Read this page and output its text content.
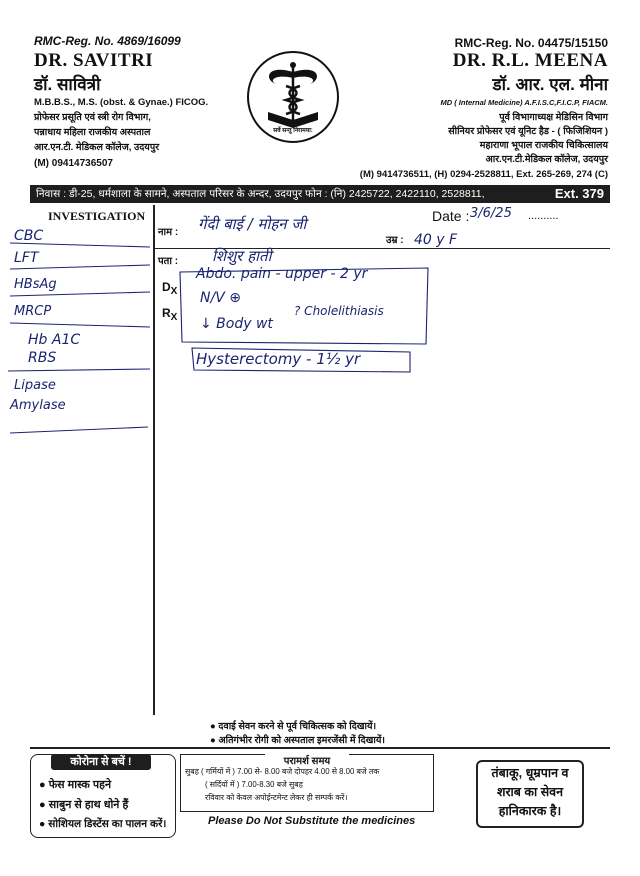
RMC-Reg. No. 4869/16099
DR. SAVITRI
डॉ. सावित्री
M.B.B.S., M.S. (obst. & Gynae.) FICOG.
प्रोफेसर प्रसूति एवं स्त्री रोग विभाग,
पन्नाधाय महिला राजकीय अस्पताल
आर.एन.टी. मेडिकल कॉलेज, उदयपुर
(M) 09414736507
सर्वे सन्तु निरामया:
RMC-Reg. No. 04475/15150
DR. R.L. MEENA
डॉ. आर. एल. मीना
MD ( Internal Medicine) A.F.I.S.C,F.I.C.P, FIACM.
पूर्व विभागाध्यक्ष मेडिसिन विभाग
सीनियर प्रोफेसर एवं यूनिट हैड - ( फिजिशियन )
महाराणा भूपाल राजकीय चिकित्सालय
आर.एन.टी.मेडिकल कॉलेज, उदयपुर
(M) 9414736511, (H) 0294-2528811, Ext. 265-269, 274 (C)
निवास : डी-25, धर्मशाला के सामने, अस्पताल परिसर के अन्दर, उदयपुर फोन : (नि) 2425722, 2422110, 2528811,	Ext. 379
INVESTIGATION
नाम :
पता :
Date :	..........
उम्र :
$D_X$
$R_X$
गेंदी बाई / मोहन जी
शिशुर हाती
3/6/25
40 y F
CBC
LFT
HBsAg
MRCP
Hb A1C
RBS
Lipase
Amylase
Abdo. pain - upper - 2 yr
N/V ⊕
↓ Body wt
? Cholelithiasis
Hysterectomy - 1½ yr
● दवाई सेवन करने से पूर्व चिकित्सक को दिखायें।
● अतिगंभीर रोगी को अस्पताल इमरजेंसी में दिखायें।
कोरोना से बचें !
● फेस मास्क पहने
● साबुन से हाथ धोने हैं
● सोशियल डिस्टेंस का पालन करें।
परामर्श समय
सुबह ( गर्मियों में ) 7.00 से- 8.00 बजे दोपहर 4.00 से 8.00 बजे तक
( सर्दियों में ) 7.00-8.30 बजे सुबह
रविवार को केवल अपोईन्टमेन्ट लेकर ही सम्पर्क करें।
Please Do Not Substitute the medicines
तंबाकू, धूम्रपान व शराब का सेवन हानिकारक है।
